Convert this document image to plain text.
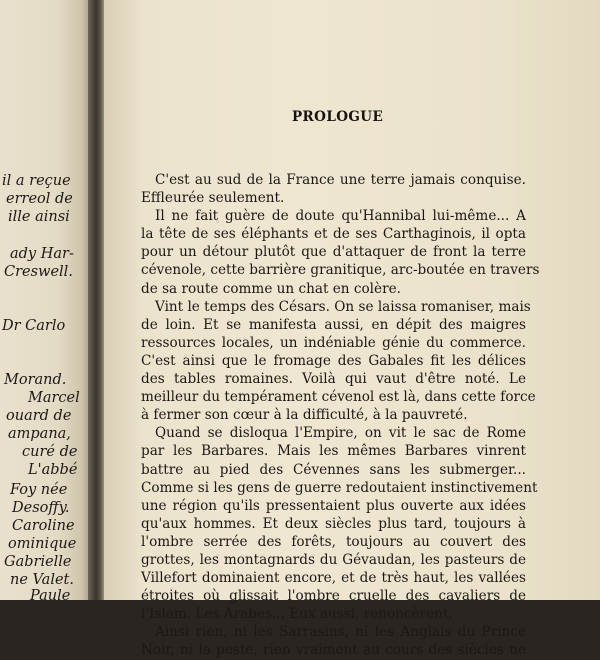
il a reçue
erreol de
ille ainsi
ady Har-
Creswell.
Dr Carlo
Morand.
Marcel
ouard de
ampana,
curé de
L'abbé
Foy née
Desoffy.
Caroline
ominique
Gabrielle
ne Valet.
Paule
PROLOGUE
C'est au sud de la France une terre jamais conquise.
Effleurée seulement.
Il ne fait guère de doute qu'Hannibal lui-même... A
la tête de ses éléphants et de ses Carthaginois, il opta
pour un détour plutôt que d'attaquer de front la terre
cévenole, cette barrière granitique, arc-boutée en travers
de sa route comme un chat en colère.
Vint le temps des Césars. On se laissa romaniser, mais
de loin. Et se manifesta aussi, en dépit des maigres
ressources locales, un indéniable génie du commerce.
C'est ainsi que le fromage des Gabales fit les délices
des tables romaines. Voilà qui vaut d'être noté. Le
meilleur du tempérament cévenol est là, dans cette force
à fermer son cœur à la difficulté, à la pauvreté.
Quand se disloqua l'Empire, on vit le sac de Rome
par les Barbares. Mais les mêmes Barbares vinrent
battre au pied des Cévennes sans les submerger...
Comme si les gens de guerre redoutaient instinctivement
une région qu'ils pressentaient plus ouverte aux idées
qu'aux hommes. Et deux siècles plus tard, toujours à
l'ombre serrée des forêts, toujours au couvert des
grottes, les montagnards du Gévaudan, les pasteurs de
Villefort dominaient encore, et de très haut, les vallées
étroites où glissait l'ombre cruelle des cavaliers de
l'Islam. Les Arabes... Eux aussi, renoncèrent.
Ainsi rien, ni les Sarrasins, ni les Anglais du Prince
Noir, ni la peste, rien vraiment au cours des siècles ne
